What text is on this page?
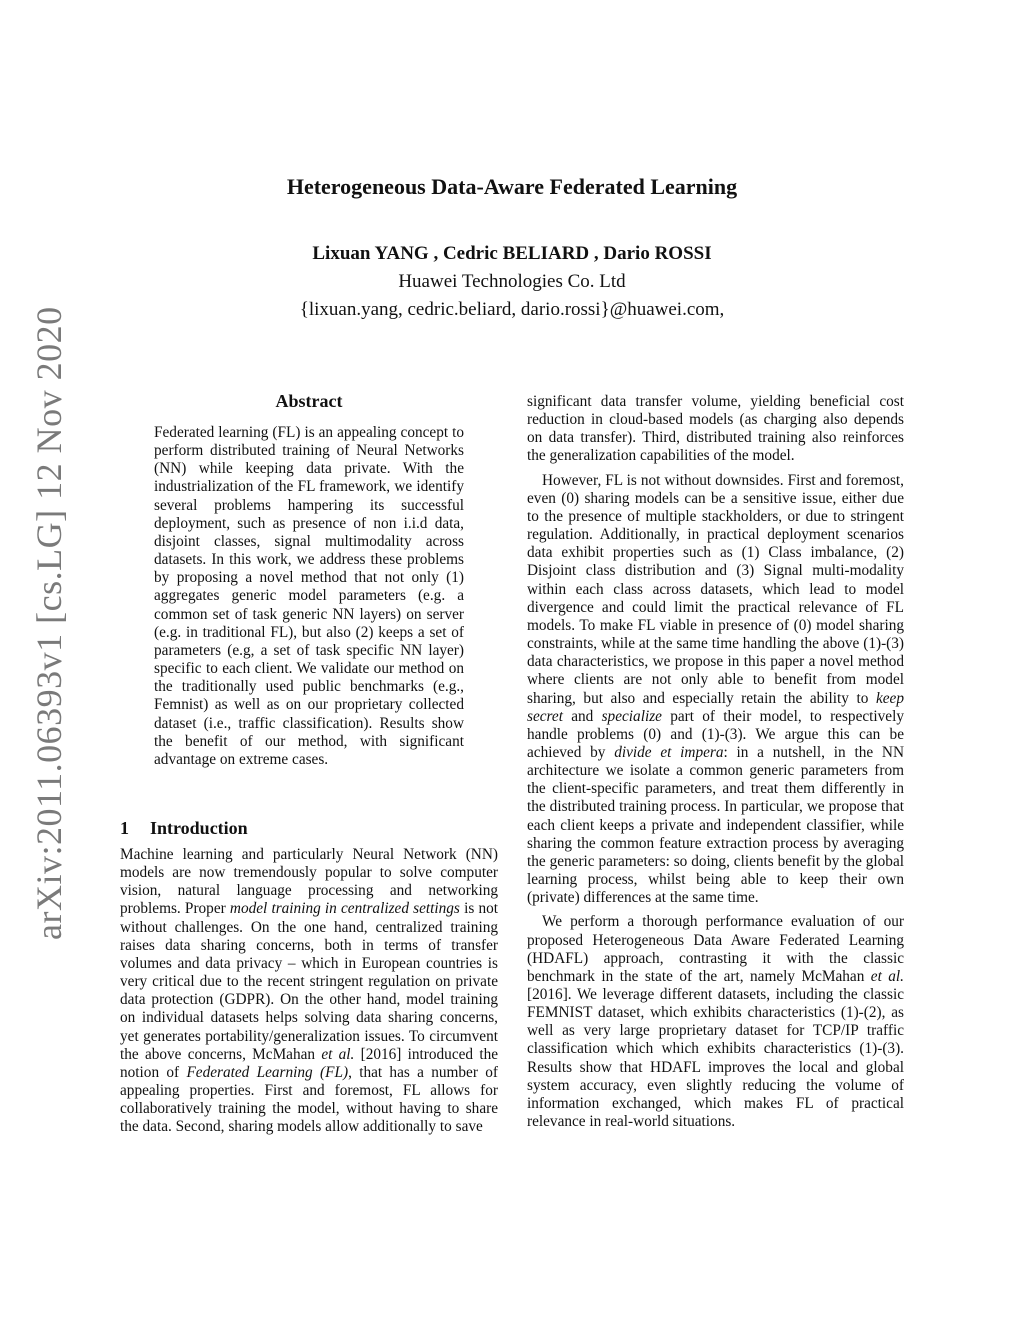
arXiv:2011.06393v1 [cs.LG] 12 Nov 2020
Heterogeneous Data-Aware Federated Learning
Lixuan YANG , Cedric BELIARD , Dario ROSSI
Huawei Technologies Co. Ltd
{lixuan.yang, cedric.beliard, dario.rossi}@huawei.com,
Abstract
Federated learning (FL) is an appealing concept to perform distributed training of Neural Networks (NN) while keeping data private. With the industrialization of the FL framework, we identify several problems hampering its successful deployment, such as presence of non i.i.d data, disjoint classes, signal multimodality across datasets. In this work, we address these problems by proposing a novel method that not only (1) aggregates generic model parameters (e.g. a common set of task generic NN layers) on server (e.g. in traditional FL), but also (2) keeps a set of parameters (e.g, a set of task specific NN layer) specific to each client. We validate our method on the traditionally used public benchmarks (e.g., Femnist) as well as on our proprietary collected dataset (i.e., traffic classification). Results show the benefit of our method, with significant advantage on extreme cases.
1 Introduction
Machine learning and particularly Neural Network (NN) models are now tremendously popular to solve computer vision, natural language processing and networking problems. Proper model training in centralized settings is not without challenges. On the one hand, centralized training raises data sharing concerns, both in terms of transfer volumes and data privacy – which in European countries is very critical due to the recent stringent regulation on private data protection (GDPR). On the other hand, model training on individual datasets helps solving data sharing concerns, yet generates portability/generalization issues. To circumvent the above concerns, McMahan et al. [2016] introduced the notion of Federated Learning (FL), that has a number of appealing properties. First and foremost, FL allows for collaboratively training the model, without having to share the data. Second, sharing models allow additionally to save

significant data transfer volume, yielding beneficial cost reduction in cloud-based models (as charging also depends on data transfer). Third, distributed training also reinforces the generalization capabilities of the model.

However, FL is not without downsides. First and foremost, even (0) sharing models can be a sensitive issue, either due to the presence of multiple stackholders, or due to stringent regulation. Additionally, in practical deployment scenarios data exhibit properties such as (1) Class imbalance, (2) Disjoint class distribution and (3) Signal multi-modality within each class across datasets, which lead to model divergence and could limit the practical relevance of FL models. To make FL viable in presence of (0) model sharing constraints, while at the same time handling the above (1)-(3) data characteristics, we propose in this paper a novel method where clients are not only able to benefit from model sharing, but also and especially retain the ability to keep secret and specialize part of their model, to respectively handle problems (0) and (1)-(3). We argue this can be achieved by divide et impera: in a nutshell, in the NN architecture we isolate a common generic parameters from the client-specific parameters, and treat them differently in the distributed training process. In particular, we propose that each client keeps a private and independent classifier, while sharing the common feature extraction process by averaging the generic parameters: so doing, clients benefit by the global learning process, whilst being able to keep their own (private) differences at the same time.

We perform a thorough performance evaluation of our proposed Heterogeneous Data Aware Federated Learning (HDAFL) approach, contrasting it with the classic benchmark in the state of the art, namely McMahan et al. [2016]. We leverage different datasets, including the classic FEMNIST dataset, which exhibits characteristics (1)-(2), as well as very large proprietary dataset for TCP/IP traffic classification which which exhibits characteristics (1)-(3). Results show that HDAFL improves the local and global system accuracy, even slightly reducing the volume of information exchanged, which makes FL of practical relevance in real-world situations.
